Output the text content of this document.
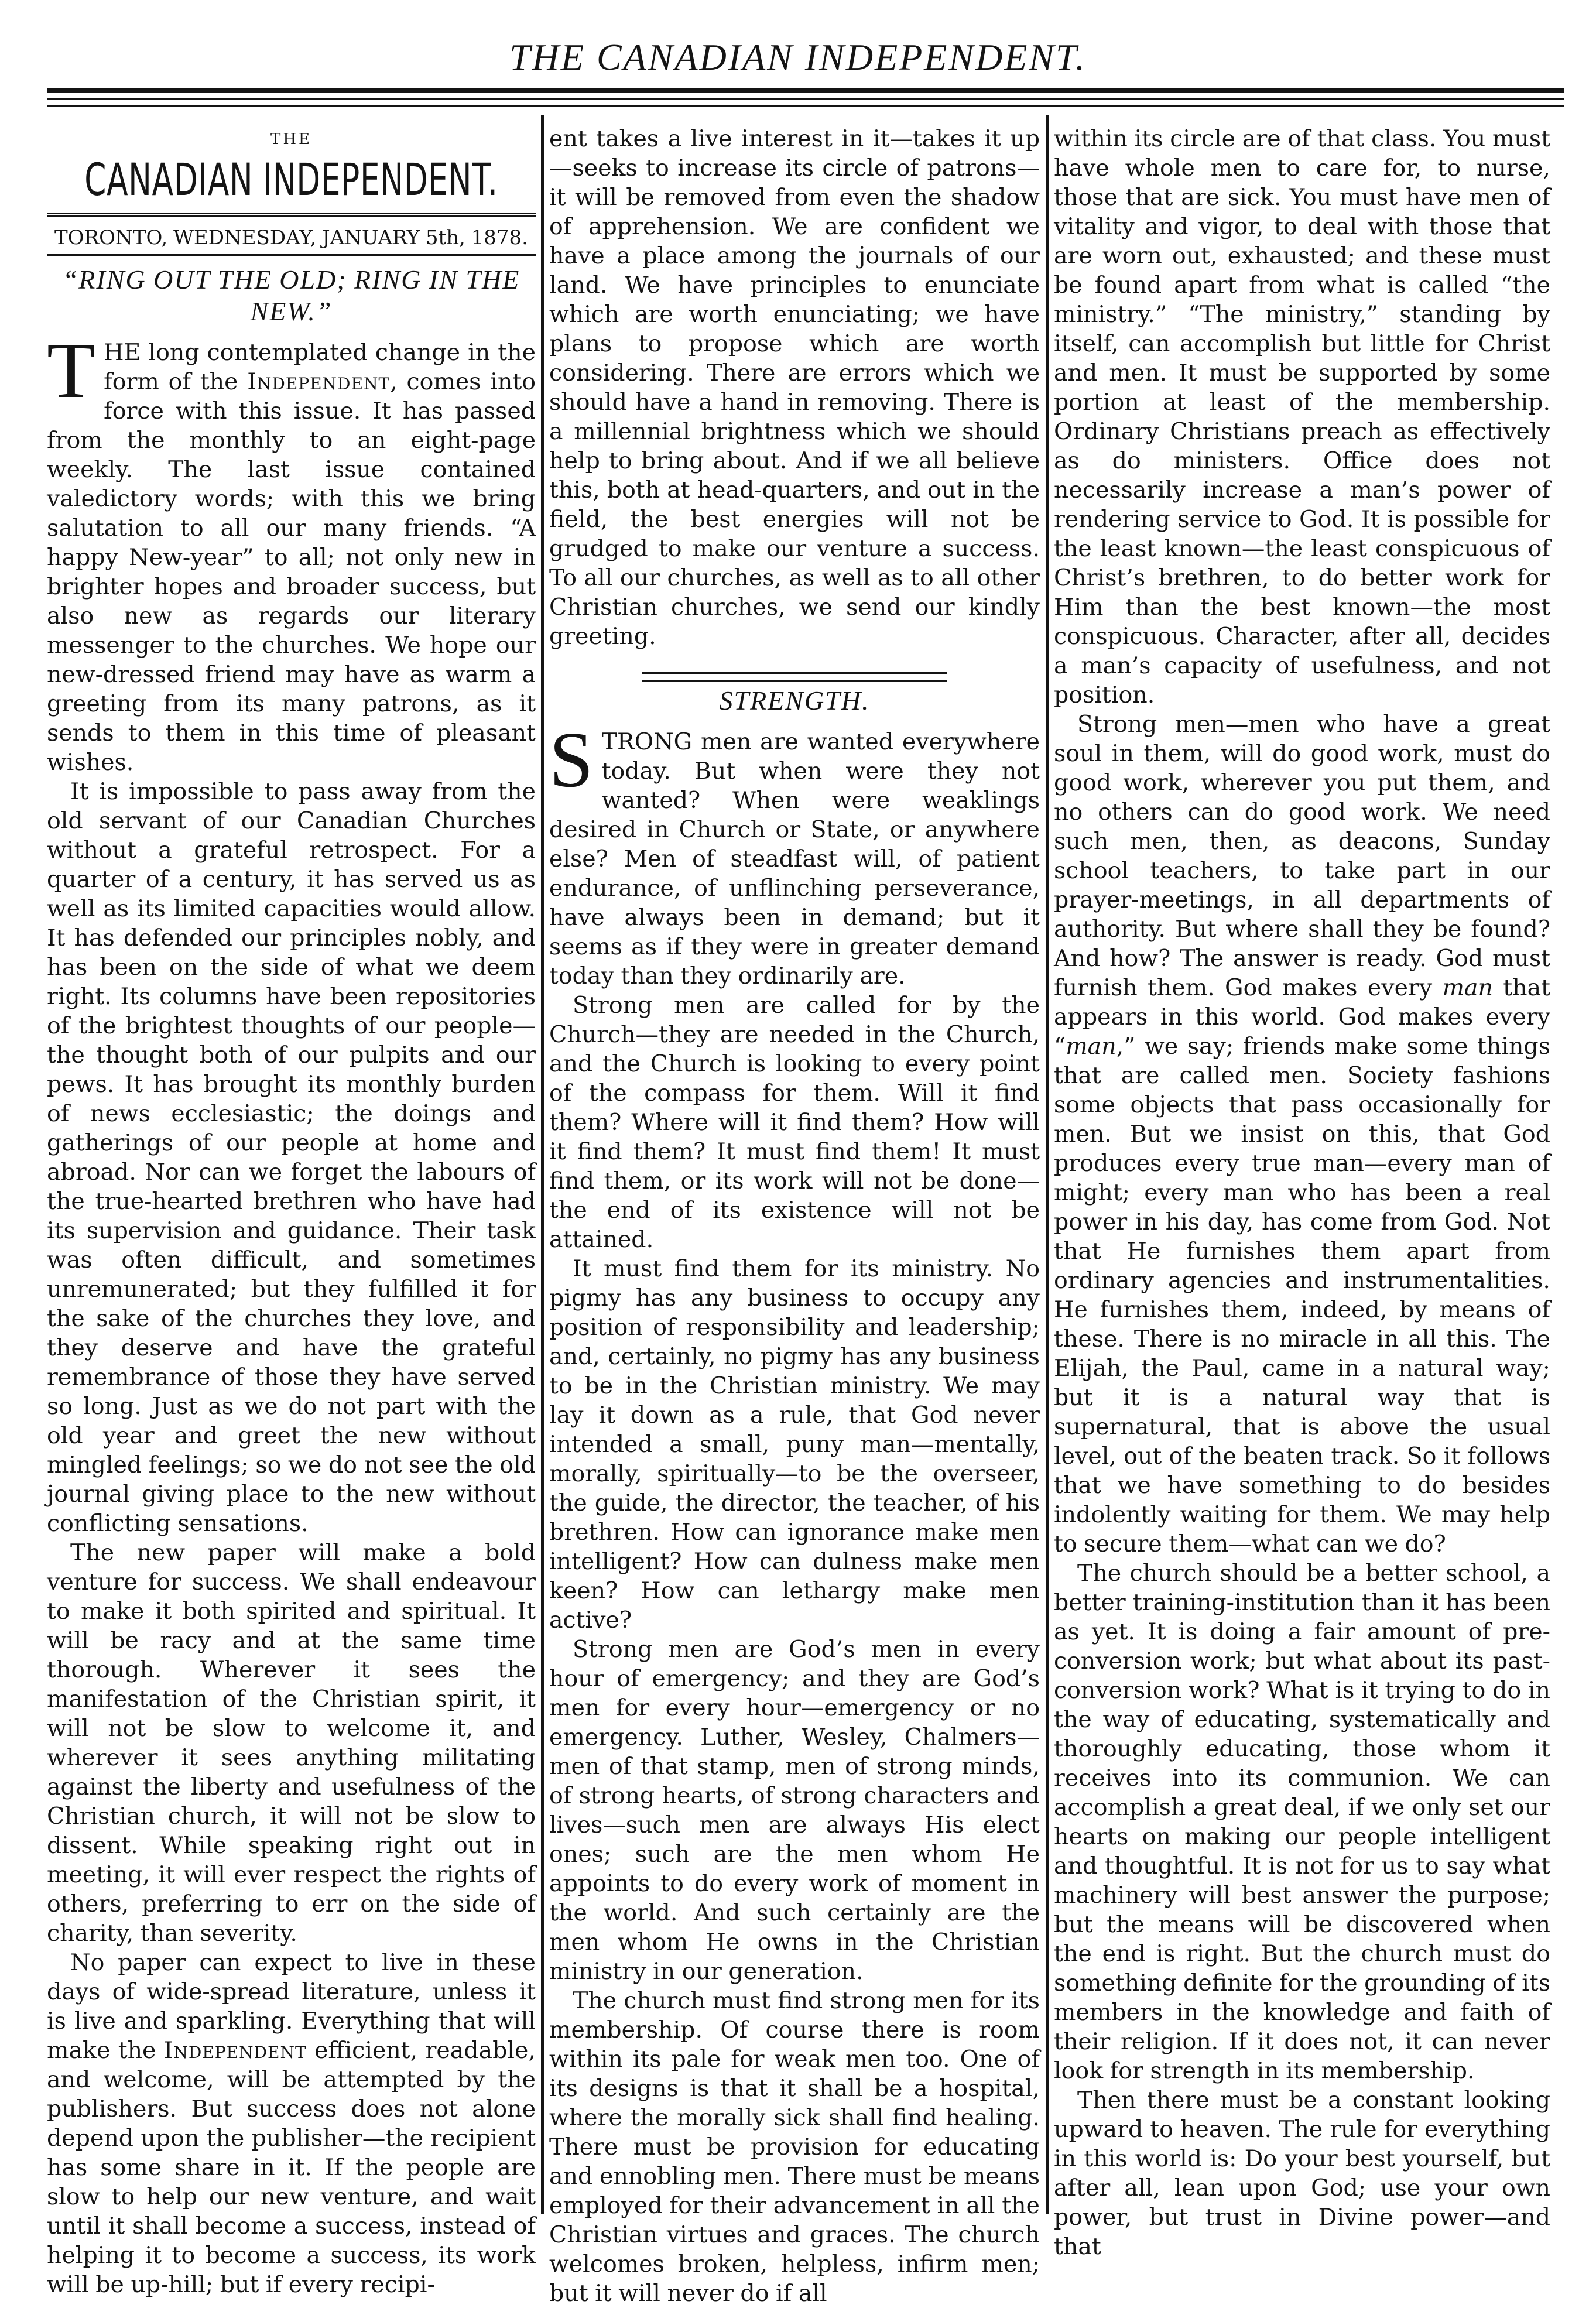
THE CANADIAN INDEPENDENT.
THE
CANADIAN INDEPENDENT.
TORONTO, WEDNESDAY, JANUARY 5th, 1878.
“RING OUT THE OLD; RING IN THE NEW.”

THE long contemplated change in the form of the Independent, comes into force with this issue. It has passed from the monthly to an eight-page weekly. The last issue contained valedictory words; with this we bring salutation to all our many friends. “A happy New-year” to all; not only new in brighter hopes and broader success, but also new as regards our literary messenger to the churches. We hope our new-dressed friend may have as warm a greeting from its many patrons, as it sends to them in this time of pleasant wishes.

It is impossible to pass away from the old servant of our Canadian Churches without a grateful retrospect. For a quarter of a century, it has served us as well as its limited capacities would allow. It has defended our principles nobly, and has been on the side of what we deem right. Its columns have been repositories of the brightest thoughts of our people—the thought both of our pulpits and our pews. It has brought its monthly burden of news ecclesiastic; the doings and gatherings of our people at home and abroad. Nor can we forget the labours of the true-hearted brethren who have had its supervision and guidance. Their task was often difficult, and sometimes unremunerated; but they fulfilled it for the sake of the churches they love, and they deserve and have the grateful remembrance of those they have served so long. Just as we do not part with the old year and greet the new without mingled feelings; so we do not see the old journal giving place to the new without conflicting sensations.

The new paper will make a bold venture for success. We shall endeavour to make it both spirited and spiritual. It will be racy and at the same time thorough. Wherever it sees the manifestation of the Christian spirit, it will not be slow to welcome it, and wherever it sees anything militating against the liberty and usefulness of the Christian church, it will not be slow to dissent. While speaking right out in meeting, it will ever respect the rights of others, preferring to err on the side of charity, than severity.

No paper can expect to live in these days of wide-spread literature, unless it is live and sparkling. Everything that will make the Independent efficient, readable, and welcome, will be attempted by the publishers. But success does not alone depend upon the publisher—the recipient has some share in it. If the people are slow to help our new venture, and wait until it shall become a success, instead of helping it to become a success, its work will be up-hill; but if every recipi-

ent takes a live interest in it—takes it up—seeks to increase its circle of patrons—it will be removed from even the shadow of apprehension. We are confident we have a place among the journals of our land. We have principles to enunciate which are worth enunciating; we have plans to propose which are worth considering. There are errors which we should have a hand in removing. There is a millennial brightness which we should help to bring about. And if we all believe this, both at head-quarters, and out in the field, the best energies will not be grudged to make our venture a success. To all our churches, as well as to all other Christian churches, we send our kindly greeting.

STRENGTH.

STRONG men are wanted everywhere today. But when were they not wanted? When were weaklings desired in Church or State, or anywhere else? Men of steadfast will, of patient endurance, of unflinching perseverance, have always been in demand; but it seems as if they were in greater demand today than they ordinarily are.

Strong men are called for by the Church—they are needed in the Church, and the Church is looking to every point of the compass for them. Will it find them? Where will it find them? How will it find them? It must find them! It must find them, or its work will not be done—the end of its existence will not be attained.

It must find them for its ministry. No pigmy has any business to occupy any position of responsibility and leadership; and, certainly, no pigmy has any business to be in the Christian ministry. We may lay it down as a rule, that God never intended a small, puny man—mentally, morally, spiritually—to be the overseer, the guide, the director, the teacher, of his brethren. How can ignorance make men intelligent? How can dulness make men keen? How can lethargy make men active?

Strong men are God’s men in every hour of emergency; and they are God’s men for every hour—emergency or no emergency. Luther, Wesley, Chalmers—men of that stamp, men of strong minds, of strong hearts, of strong characters and lives—such men are always His elect ones; such are the men whom He appoints to do every work of moment in the world. And such certainly are the men whom He owns in the Christian ministry in our generation.

The church must find strong men for its membership. Of course there is room within its pale for weak men too. One of its designs is that it shall be a hospital, where the morally sick shall find healing. There must be provision for educating and ennobling men. There must be means employed for their advancement in all the Christian virtues and graces. The church welcomes broken, helpless, infirm men; but it will never do if all

within its circle are of that class. You must have whole men to care for, to nurse, those that are sick. You must have men of vitality and vigor, to deal with those that are worn out, exhausted; and these must be found apart from what is called “the ministry.” “The ministry,” standing by itself, can accomplish but little for Christ and men. It must be supported by some portion at least of the membership. Ordinary Christians preach as effectively as do ministers. Office does not necessarily increase a man’s power of rendering service to God. It is possible for the least known—the least conspicuous of Christ’s brethren, to do better work for Him than the best known—the most conspicuous. Character, after all, decides a man’s capacity of usefulness, and not position.

Strong men—men who have a great soul in them, will do good work, must do good work, wherever you put them, and no others can do good work. We need such men, then, as deacons, Sunday school teachers, to take part in our prayer-meetings, in all departments of authority. But where shall they be found? And how? The answer is ready. God must furnish them. God makes every man that appears in this world. God makes every “man,” we say; friends make some things that are called men. Society fashions some objects that pass occasionally for men. But we insist on this, that God produces every true man—every man of might; every man who has been a real power in his day, has come from God. Not that He furnishes them apart from ordinary agencies and instrumentalities. He furnishes them, indeed, by means of these. There is no miracle in all this. The Elijah, the Paul, came in a natural way; but it is a natural way that is supernatural, that is above the usual level, out of the beaten track. So it follows that we have something to do besides indolently waiting for them. We may help to secure them—what can we do?

The church should be a better school, a better training-institution than it has been as yet. It is doing a fair amount of pre-conversion work; but what about its past-conversion work? What is it trying to do in the way of educating, systematically and thoroughly educating, those whom it receives into its communion. We can accomplish a great deal, if we only set our hearts on making our people intelligent and thoughtful. It is not for us to say what machinery will best answer the purpose; but the means will be discovered when the end is right. But the church must do something definite for the grounding of its members in the knowledge and faith of their religion. If it does not, it can never look for strength in its membership.

Then there must be a constant looking upward to heaven. The rule for everything in this world is: Do your best yourself, but after all, lean upon God; use your own power, but trust in Divine power—and that
